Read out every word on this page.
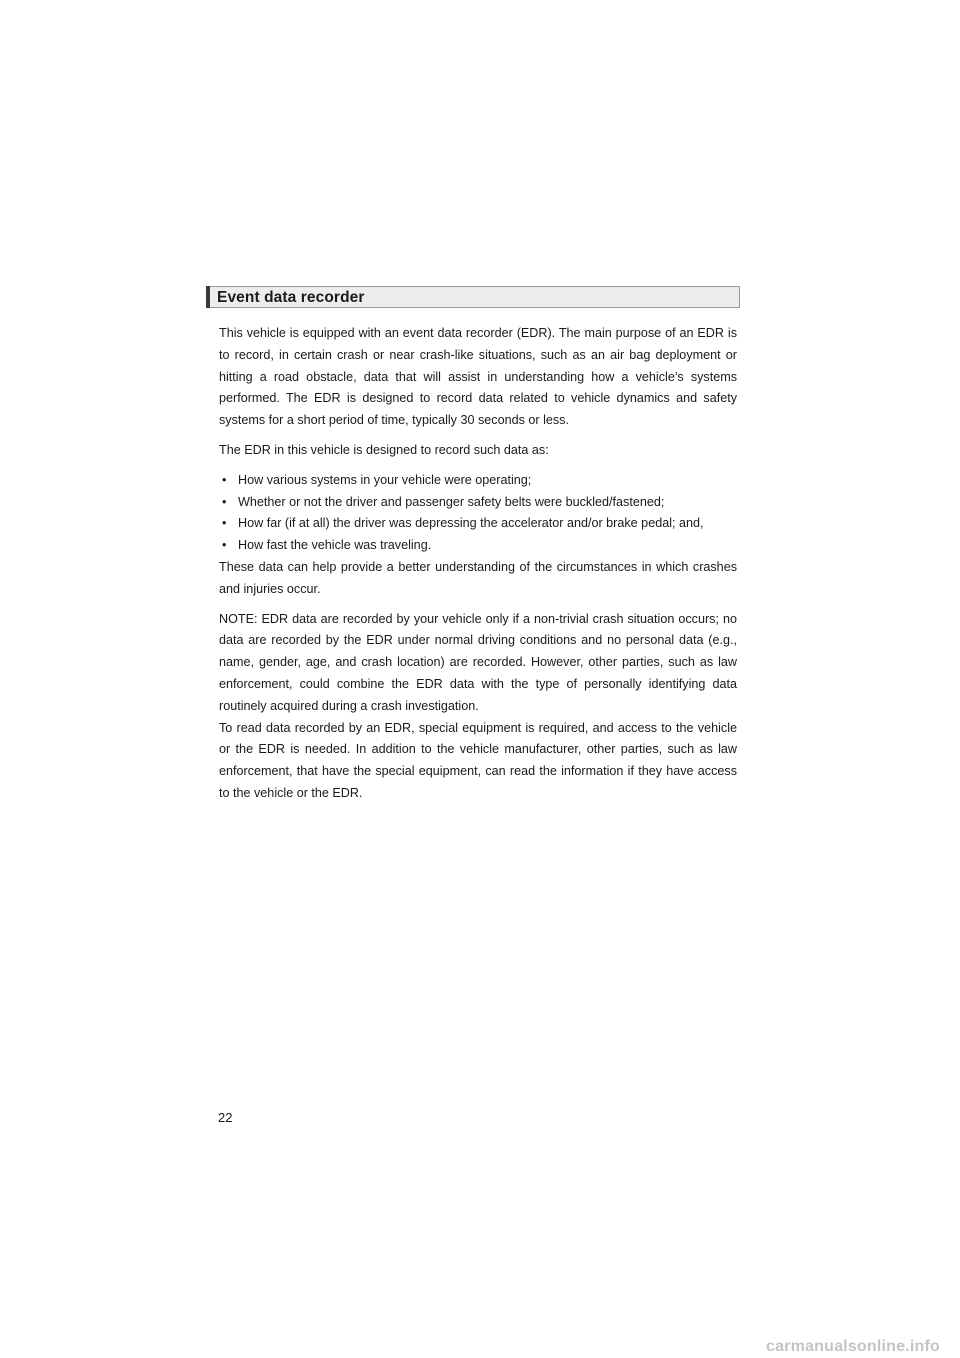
Event data recorder

This vehicle is equipped with an event data recorder (EDR). The main purpose of an EDR is to record, in certain crash or near crash-like situations, such as an air bag deployment or hitting a road obstacle, data that will assist in understanding how a vehicle’s systems performed. The EDR is designed to record data related to vehicle dynamics and safety systems for a short period of time, typically 30 seconds or less.

The EDR in this vehicle is designed to record such data as:

• How various systems in your vehicle were operating;
• Whether or not the driver and passenger safety belts were buckled/fastened;
• How far (if at all) the driver was depressing the accelerator and/or brake pedal; and,
• How fast the vehicle was traveling.

These data can help provide a better understanding of the circumstances in which crashes and injuries occur.

NOTE: EDR data are recorded by your vehicle only if a non-trivial crash situation occurs; no data are recorded by the EDR under normal driving conditions and no personal data (e.g., name, gender, age, and crash location) are recorded. However, other parties, such as law enforcement, could combine the EDR data with the type of personally identifying data routinely acquired during a crash investigation.

To read data recorded by an EDR, special equipment is required, and access to the vehicle or the EDR is needed. In addition to the vehicle manufacturer, other parties, such as law enforcement, that have the special equipment, can read the information if they have access to the vehicle or the EDR.

22
carmanualsonline.info
